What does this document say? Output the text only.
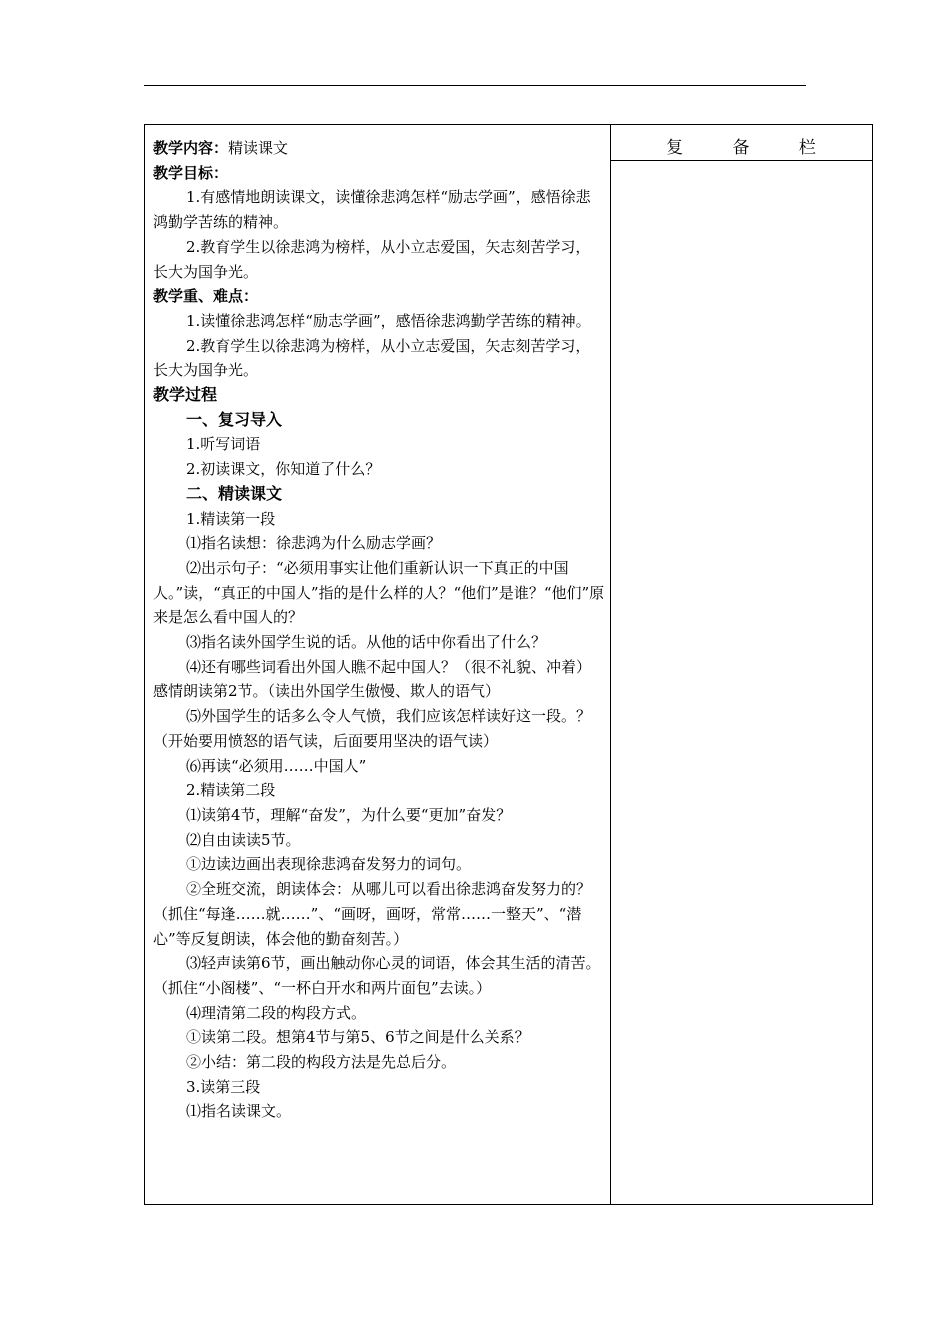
复 备 栏

教学内容：精读课文

教学目标：

1.有感情地朗读课文，读懂徐悲鸿怎样“励志学画”，感悟徐悲鸿勤学苦练的精神。

2.教育学生以徐悲鸿为榜样，从小立志爱国，矢志刻苦学习，长大为国争光。

教学重、难点：

1.读懂徐悲鸿怎样“励志学画”，感悟徐悲鸿勤学苦练的精神。

2.教育学生以徐悲鸿为榜样，从小立志爱国，矢志刻苦学习，长大为国争光。

教学过程

一、复习导入

1.听写词语

2.初读课文，你知道了什么？

二、精读课文

1.精读第一段

⑴指名读想：徐悲鸿为什么励志学画？

⑵出示句子：“必须用事实让他们重新认识一下真正的中国人。”读，“真正的中国人”指的是什么样的人？“他们”是谁？“他们”原来是怎么看中国人的？

⑶指名读外国学生说的话。从他的话中你看出了什么？

⑷还有哪些词看出外国人瞧不起中国人？（很不礼貌、冲着）感情朗读第2节。（读出外国学生傲慢、欺人的语气）

⑸外国学生的话多么令人气愤，我们应该怎样读好这一段。？（开始要用愤怒的语气读，后面要用坚决的语气读）

⑹再读“必须用……中国人”

2.精读第二段

⑴读第4节，理解“奋发”，为什么要“更加”奋发？

⑵自由读读5节。

①边读边画出表现徐悲鸿奋发努力的词句。

②全班交流，朗读体会：从哪儿可以看出徐悲鸿奋发努力的？（抓住“每逢……就……”、“画呀，画呀，常常……一整天”、“潜心”等反复朗读，体会他的勤奋刻苦。）

⑶轻声读第6节，画出触动你心灵的词语，体会其生活的清苦。（抓住“小阁楼”、“一杯白开水和两片面包”去读。）

⑷理清第二段的构段方式。

①读第二段。想第4节与第5、6节之间是什么关系？

②小结：第二段的构段方法是先总后分。

3.读第三段

⑴指名读课文。
